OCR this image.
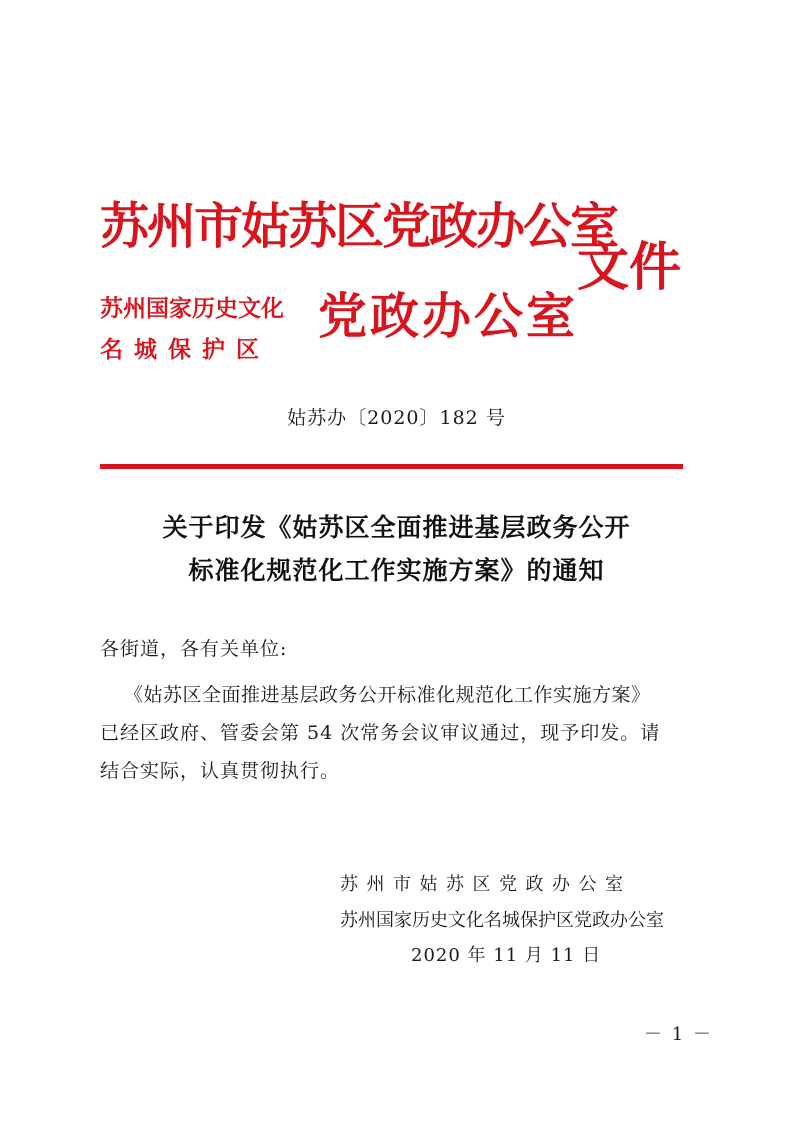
苏州市姑苏区党政办公室

苏州国家历史文化

名城保护区

党政办公室

文件

姑苏办〔2020〕182 号

关于印发《姑苏区全面推进基层政务公开

标准化规范化工作实施方案》的通知

各街道，各有关单位:

《姑苏区全面推进基层政务公开标准化规范化工作实施方案》

已经区政府、管委会第 54 次常务会议审议通过，现予印发。请

结合实际，认真贯彻执行。

苏州市姑苏区党政办公室

苏州国家历史文化名城保护区党政办公室

2020 年 11 月 11 日

－ 1 －
